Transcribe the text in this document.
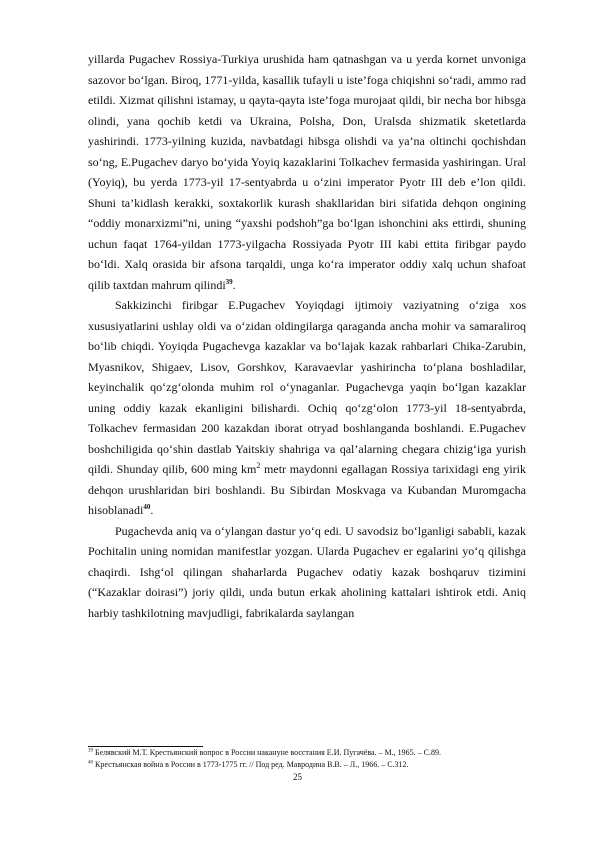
yillarda Pugachev Rossiya-Turkiya urushida ham qatnashgan va u yerda kornet unvoniga sazovor bo‘lgan. Biroq, 1771-yilda, kasallik tufayli u iste’foga chiqishni so‘radi, ammo rad etildi. Xizmat qilishni istamay, u qayta-qayta iste’foga murojaat qildi, bir necha bor hibsga olindi, yana qochib ketdi va Ukraina, Polsha, Don, Uralsda shizmatik sketetlarda yashirindi. 1773-yilning kuzida, navbatdagi hibsga olishdi va ya’na oltinchi qochishdan so‘ng, E.Pugachev daryo bo‘yida Yoyiq kazaklarini Tolkachev fermasida yashiringan. Ural (Yoyiq), bu yerda 1773-yil 17-sentyabrda u o‘zini imperator Pyotr III deb e’lon qildi. Shuni ta’kidlash kerakki, soxtakorlik kurash shakllaridan biri sifatida dehqon ongining “oddiy monarxizmi”ni, uning “yaxshi podshoh”ga bo‘lgan ishonchini aks ettirdi, shuning uchun faqat 1764-yildan 1773-yilgacha Rossiyada Pyotr III kabi ettita firibgar paydo bo‘ldi. Xalq orasida bir afsona tarqaldi, unga ko‘ra imperator oddiy xalq uchun shafoat qilib taxtdan mahrum qilindi$^{39}$.

Sakkizinchi firibgar E.Pugachev Yoyiqdagi ijtimoiy vaziyatning o‘ziga xos xususiyatlarini ushlay oldi va o‘zidan oldingilarga qaraganda ancha mohir va samaraliroq bo‘lib chiqdi. Yoyiqda Pugachevga kazaklar va bo‘lajak kazak rahbarlari Chika-Zarubin, Myasnikov, Shigaev, Lisov, Gorshkov, Karavaevlar yashirincha to‘plana boshladilar, keyinchalik qo‘zg‘olonda muhim rol o‘ynaganlar. Pugachevga yaqin bo‘lgan kazaklar uning oddiy kazak ekanligini bilishardi. Ochiq qo‘zg‘olon 1773-yil 18-sentyabrda, Tolkachev fermasidan 200 kazakdan iborat otryad boshlanganda boshlandi. E.Pugachev boshchiligida qo‘shin dastlab Yaitskiy shahriga va qal’alarning chegara chizig‘iga yurish qildi. Shunday qilib, 600 ming $km^2$ metr maydonni egallagan Rossiya tarixidagi eng yirik dehqon urushlaridan biri boshlandi. Bu Sibirdan Moskvaga va Kubandan Muromgacha hisoblanadi$^{40}$.

Pugachevda aniq va o‘ylangan dastur yo‘q edi. U savodsiz bo‘lganligi sababli, kazak Pochitalin uning nomidan manifestlar yozgan. Ularda Pugachev er egalarini yo‘q qilishga chaqirdi. Ishg‘ol qilingan shaharlarda Pugachev odatiy kazak boshqaruv tizimini (“Kazaklar doirasi”) joriy qildi, unda butun erkak aholining kattalari ishtirok etdi. Aniq harbiy tashkilotning mavjudligi, fabrikalarda saylangan

$^{39}$ Белявский М.Т. Крестьянский вопрос в России накануне восстания Е.И. Пугачёва. – М., 1965. – С.89.

$^{40}$ Крестьянская война в России в 1773-1775 гг. // Под ред. Мавродина В.В. – Л., 1966. – С.312.

25
